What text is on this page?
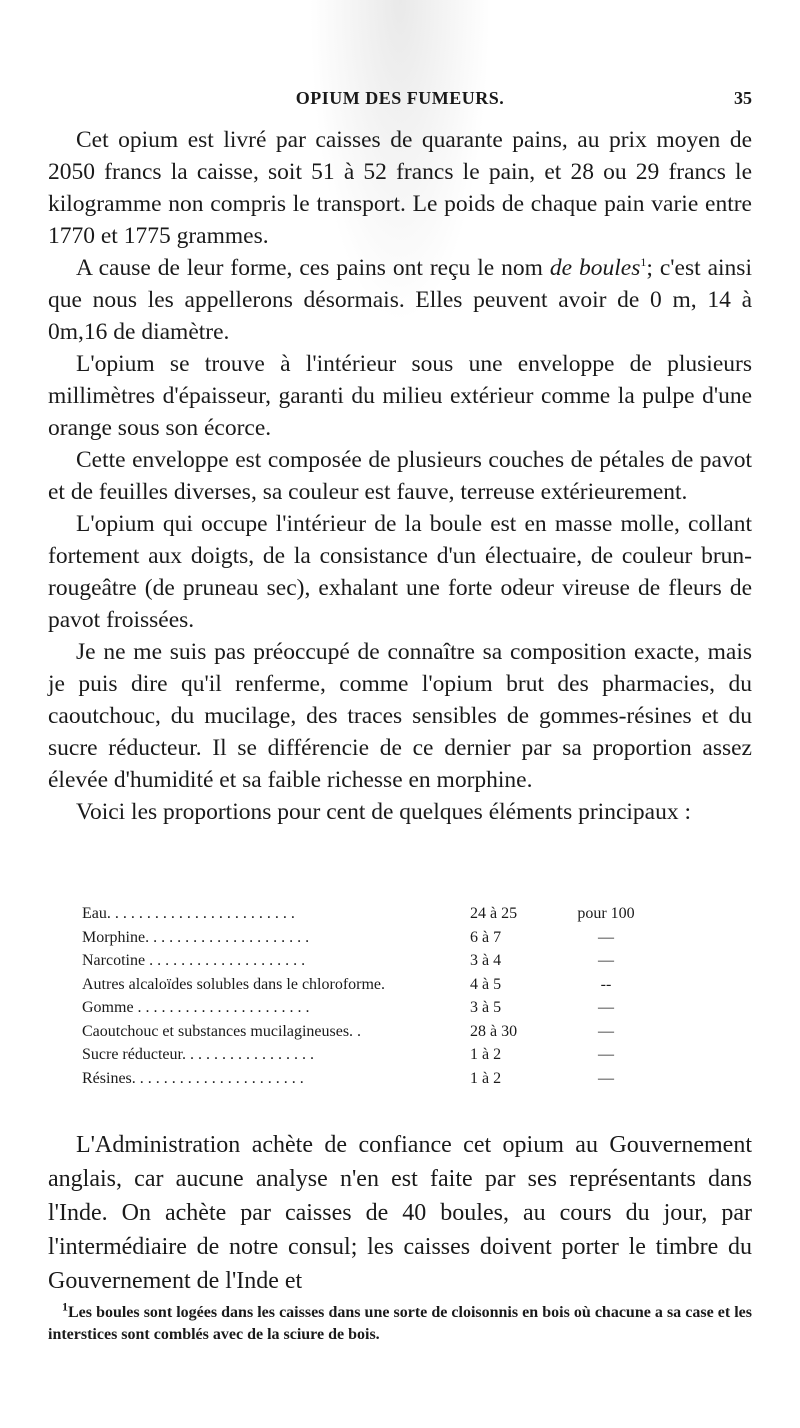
OPIUM DES FUMEURS.	35

Cet opium est livré par caisses de quarante pains, au prix moyen de 2050 francs la caisse, soit 51 à 52 francs le pain, et 28 ou 29 francs le kilogramme non compris le transport. Le poids de chaque pain varie entre 1770 et 1775 grammes.

A cause de leur forme, ces pains ont reçu le nom de boules$^1$; c'est ainsi que nous les appellerons désormais. Elles peuvent avoir de 0 m, 14 à 0m,16 de diamètre.

L'opium se trouve à l'intérieur sous une enveloppe de plusieurs millimètres d'épaisseur, garanti du milieu extérieur comme la pulpe d'une orange sous son écorce.

Cette enveloppe est composée de plusieurs couches de pétales de pavot et de feuilles diverses, sa couleur est fauve, terreuse extérieurement.

L'opium qui occupe l'intérieur de la boule est en masse molle, collant fortement aux doigts, de la consistance d'un électuaire, de couleur brun-rougeâtre (de pruneau sec), exhalant une forte odeur vireuse de fleurs de pavot froissées.

Je ne me suis pas préoccupé de connaître sa composition exacte, mais je puis dire qu'il renferme, comme l'opium brut des pharmacies, du caoutchouc, du mucilage, des traces sensibles de gommes-résines et du sucre réducteur. Il se différencie de ce dernier par sa proportion assez élevée d'humidité et sa faible richesse en morphine.

Voici les proportions pour cent de quelques éléments principaux :

Eau. . . . . . . . . . . . . . . . . . . . . . . .	24 à 25	pour 100
Morphine. . . . . . . . . . . . . . . . . . . . .	6 à 7	—
Narcotine . . . . . . . . . . . . . . . . . . . .	3 à 4	—
Autres alcaloïdes solubles dans le chloroforme.	4 à 5	--
Gomme . . . . . . . . . . . . . . . . . . . . . .	3 à 5	—
Caoutchouc et substances mucilagineuses. .	28 à 30	—
Sucre réducteur. . . . . . . . . . . . . . . . .	1 à 2	—
Résines. . . . . . . . . . . . . . . . . . . . . .	1 à 2	—

L'Administration achète de confiance cet opium au Gouvernement anglais, car aucune analyse n'en est faite par ses représentants dans l'Inde. On achète par caisses de 40 boules, au cours du jour, par l'intermédiaire de notre consul; les caisses doivent porter le timbre du Gouvernement de l'Inde et

$^1$Les boules sont logées dans les caisses dans une sorte de cloisonnis en bois où chacune a sa case et les interstices sont comblés avec de la sciure de bois.
